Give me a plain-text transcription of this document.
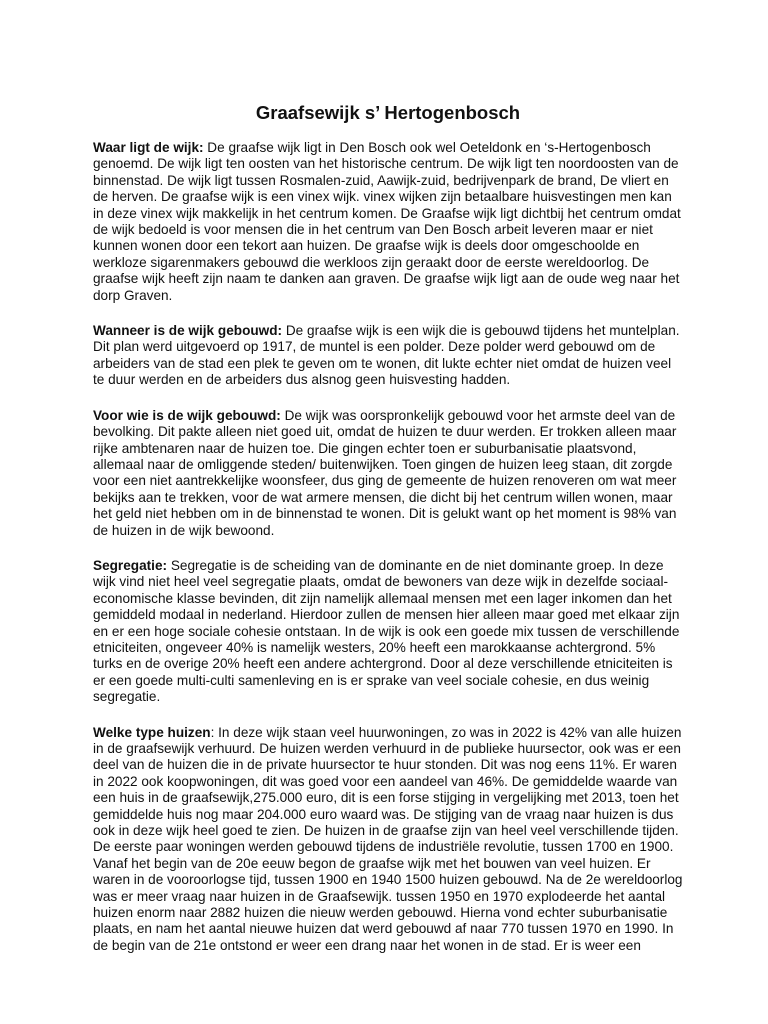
Graafsewijk s’ Hertogenbosch

Waar ligt de wijk: De graafse wijk ligt in Den Bosch ook wel Oeteldonk en ‘s-Hertogenbosch genoemd. De wijk ligt ten oosten van het historische centrum. De wijk ligt ten noordoosten van de binnenstad. De wijk ligt tussen Rosmalen-zuid, Aawijk-zuid, bedrijvenpark de brand, De vliert en de herven. De graafse wijk is een vinex wijk. vinex wijken zijn betaalbare huisvestingen men kan in deze vinex wijk makkelijk in het centrum komen. De Graafse wijk ligt dichtbij het centrum omdat de wijk bedoeld is voor mensen die in het centrum van Den Bosch arbeit leveren maar er niet kunnen wonen door een tekort aan huizen. De graafse wijk is deels door omgeschoolde en werkloze sigarenmakers gebouwd die werkloos zijn geraakt door de eerste wereldoorlog. De graafse wijk heeft zijn naam te danken aan graven. De graafse wijk ligt aan de oude weg naar het dorp Graven.

Wanneer is de wijk gebouwd: De graafse wijk is een wijk die is gebouwd tijdens het muntelplan. Dit plan werd uitgevoerd op 1917, de muntel is een polder. Deze polder werd gebouwd om de arbeiders van de stad een plek te geven om te wonen, dit lukte echter niet omdat de huizen veel te duur werden en de arbeiders dus alsnog geen huisvesting hadden.

Voor wie is de wijk gebouwd: De wijk was oorspronkelijk gebouwd voor het armste deel van de bevolking. Dit pakte alleen niet goed uit, omdat de huizen te duur werden. Er trokken alleen maar rijke ambtenaren naar de huizen toe. Die gingen echter toen er suburbanisatie plaatsvond, allemaal naar de omliggende steden/ buitenwijken. Toen gingen de huizen leeg staan, dit zorgde voor een niet aantrekkelijke woonsfeer, dus ging de gemeente de huizen renoveren om wat meer bekijks aan te trekken, voor de wat armere mensen, die dicht bij het centrum willen wonen, maar het geld niet hebben om in de binnenstad te wonen. Dit is gelukt want op het moment is 98% van de huizen in de wijk bewoond.

Segregatie: Segregatie is de scheiding van de dominante en de niet dominante groep. In deze wijk vind niet heel veel segregatie plaats, omdat de bewoners van deze wijk in dezelfde sociaal-economische klasse bevinden, dit zijn namelijk allemaal mensen met een lager inkomen dan het gemiddeld modaal in nederland. Hierdoor zullen de mensen hier alleen maar goed met elkaar zijn en er een hoge sociale cohesie ontstaan. In de wijk is ook een goede mix tussen de verschillende etniciteiten, ongeveer 40% is namelijk westers, 20% heeft een marokkaanse achtergrond. 5% turks en de overige 20% heeft een andere achtergrond. Door al deze verschillende etniciteiten is er een goede multi-culti samenleving en is er sprake van veel sociale cohesie, en dus weinig segregatie.

Welke type huizen: In deze wijk staan veel huurwoningen, zo was in 2022 is 42% van alle huizen in de graafsewijk verhuurd. De huizen werden verhuurd in de publieke huursector, ook was er een deel van de huizen die in de private huursector te huur stonden. Dit was nog eens 11%. Er waren in 2022 ook koopwoningen, dit was goed voor een aandeel van 46%. De gemiddelde waarde van een huis in de graafsewijk,275.000 euro, dit is een forse stijging in vergelijking met 2013, toen het gemiddelde huis nog maar 204.000 euro waard was. De stijging van de vraag naar huizen is dus ook in deze wijk heel goed te zien. De huizen in de graafse zijn van heel veel verschillende tijden. De eerste paar woningen werden gebouwd tijdens de industriële revolutie, tussen 1700 en 1900. Vanaf het begin van de 20e eeuw begon de graafse wijk met het bouwen van veel huizen. Er waren in de vooroorlogse tijd, tussen 1900 en 1940 1500 huizen gebouwd. Na de 2e wereldoorlog was er meer vraag naar huizen in de Graafsewijk. tussen 1950 en 1970 explodeerde het aantal huizen enorm naar 2882 huizen die nieuw werden gebouwd. Hierna vond echter suburbanisatie plaats, en nam het aantal nieuwe huizen dat werd gebouwd af naar 770 tussen 1970 en 1990. In de begin van de 21e ontstond er weer een drang naar het wonen in de stad. Er is weer een
